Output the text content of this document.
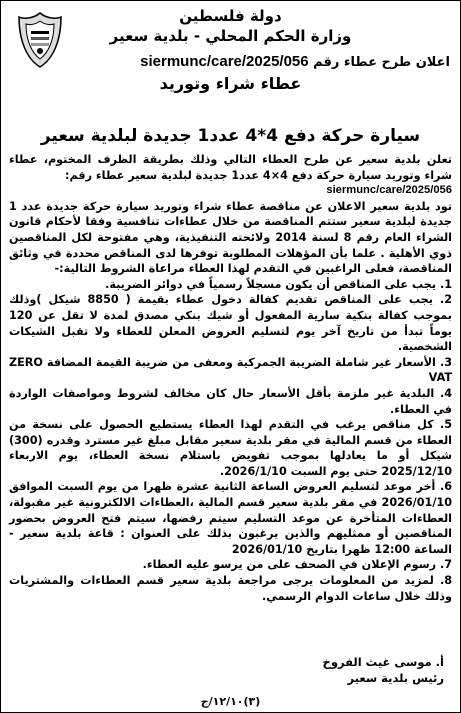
دولة فلسطين
وزارة الحكم المحلي - بلدية سعير
اعلان طرح عطاء رقم siermunc/care/2025/056
عطاء شراء وتوريد
سيارة حركة دفع 4*4 عدد1 جديدة لبلدية سعير

تعلن بلدية سعير عن طرح العطاء التالي وذلك بطريقة الظرف المختوم، عطاء شراء وتوريد سيارة حركة دفع 4×4 عدد1 جديدة لبلدية سعير عطاء رقم:

siermunc/care/2025/056

تود بلدية سعير الاعلان عن مناقصة عطاء شراء وتوريد سيارة حركة جديدة عدد 1 جديدة لبلدية سعير ستتم المناقصة من خلال عطاءات تنافسية وفقا لأحكام قانون الشراء العام رقم 8 لسنة 2014 ولائحته التنفيذية، وهي مفتوحة لكل المناقصين ذوي الأهلية . علما بأن المؤهلات المطلوبة توفرها لدى المناقص محددة في وثائق المناقصة، فعلى الراغبين في التقدم لهذا العطاء مراعاة الشروط التالية:-

1. يجب على المناقص أن يكون مسجلاً رسمياً في دوائر الضريبة.

2. يجب على المناقص تقديم كفالة دخول عطاء بقيمة ( 8850 شيكل )وذلك بموجب كفالة بنكية سارية المفعول أو شيك بنكي مصدق لمدة لا تقل عن 120 يوماً تبدأ من تاريخ آخر يوم لتسليم العروض المعلن للعطاء ولا تقبل الشيكات الشخصية.

3. الأسعار غير شاملة الضريبة الجمركية ومعفى من ضريبة القيمة المضافة ZERO VAT

4. البلدية غير ملزمة بأقل الأسعار حال كان مخالف لشروط ومواصفات الواردة في العطاء.

5. كل مناقص يرغب في التقدم لهذا العطاء يستطيع الحصول على نسخة من العطاء من قسم المالية في مقر بلدية سعير مقابل مبلغ غير مسترد وقدره (300) شيكل أو ما يعادلها بموجب تفويض باستلام نسخة العطاء، يوم الاربعاء 2025/12/10 حتى يوم السبت 2026/1/10.

6. أخر موعد لتسليم العروض الساعة الثانية عشرة ظهرا من يوم السبت الموافق 2026/01/10 في مقر بلدية سعير قسم المالية ،العطاءات الالكترونية غير مقبولة، العطاءات المتأخرة عن موعد التسليم سيتم رفضها، سيتم فتح العروض بحضور المناقصين أو ممثليهم والذين يرغبون بذلك على العنوان : قاعة بلدية سعير - الساعة 12:00 ظهرا بتاريخ 2026/01/10

7. رسوم الإعلان في الصحف على من يرسو عليه العطاء.

8. لمزيد من المعلومات يرجى مراجعة بلدية سعير قسم العطاءات والمشتريات وذلك خلال ساعات الدوام الرسمي.

أ. موسى غيث الفروخ
رئيس بلدية سعير
(٣)١٢/١٠/ج
